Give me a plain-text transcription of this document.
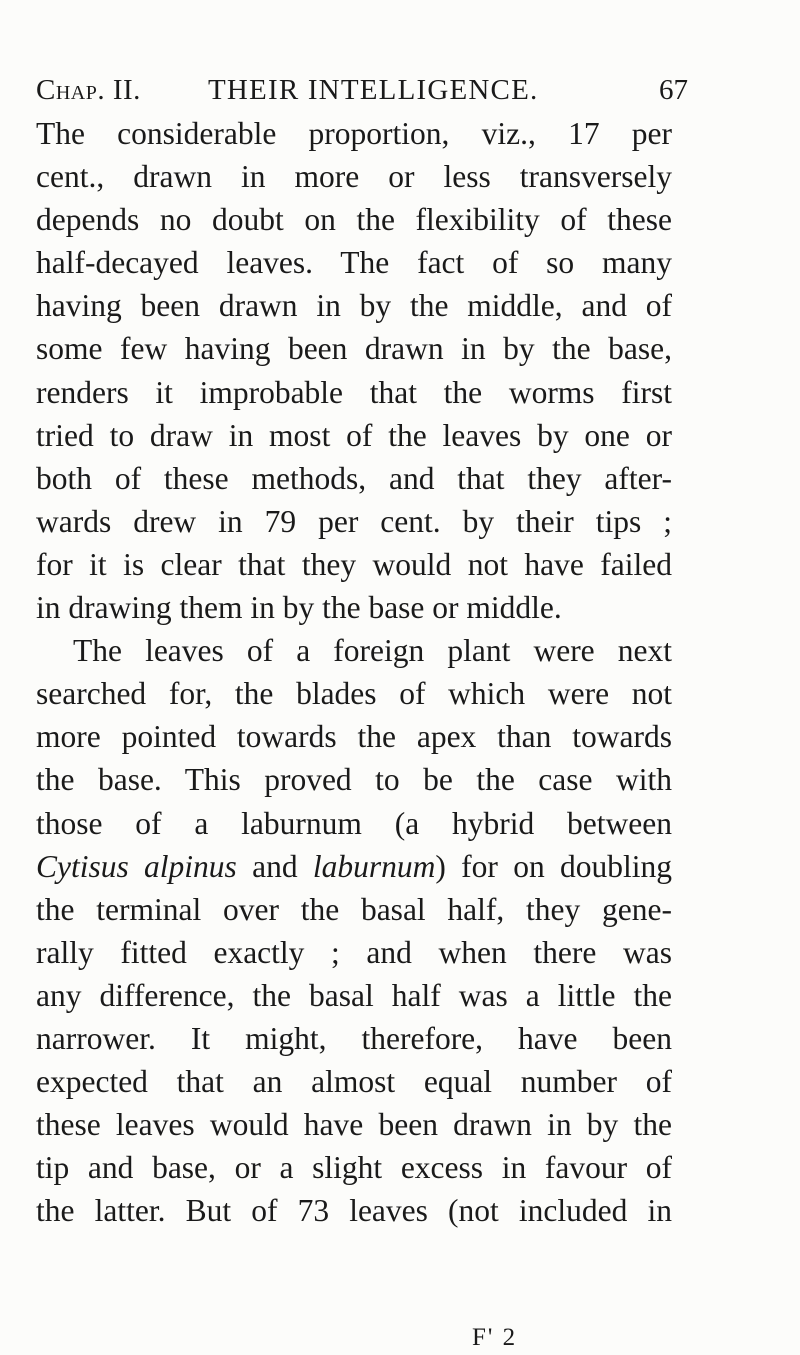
Chap. II. THEIR INTELLIGENCE.	67
The considerable proportion, viz., 17 per
cent., drawn in more or less transversely
depends no doubt on the flexibility of these
half-decayed leaves. The fact of so many
having been drawn in by the middle, and of
some few having been drawn in by the base,
renders it improbable that the worms first
tried to draw in most of the leaves by one or
both of these methods, and that they after-
wards drew in 79 per cent. by their tips ;
for it is clear that they would not have failed
in drawing them in by the base or middle.
The leaves of a foreign plant were next
searched for, the blades of which were not
more pointed towards the apex than towards
the base. This proved to be the case with
those of a laburnum (a hybrid between
Cytisus alpinus and laburnum) for on doubling
the terminal over the basal half, they gene-
rally fitted exactly ; and when there was
any difference, the basal half was a little the
narrower. It might, therefore, have been
expected that an almost equal number of
these leaves would have been drawn in by the
tip and base, or a slight excess in favour of
the latter. But of 73 leaves (not included in
F' 2
